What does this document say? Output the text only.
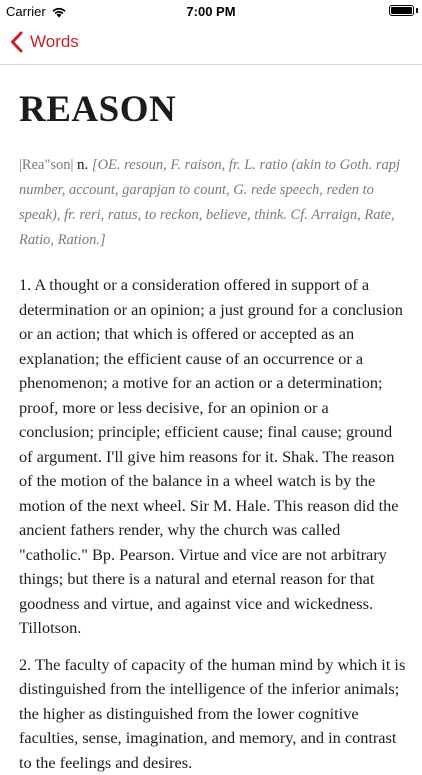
Carrier	7:00 PM
Words
REASON
|Rea"son| n. [OE. resoun, F. raison, fr. L. ratio (akin to Goth. rapj number, account, garapjan to count, G. rede speech, reden to speak), fr. reri, ratus, to reckon, believe, think. Cf. Arraign, Rate, Ratio, Ration.]
1. A thought or a consideration offered in support of a determination or an opinion; a just ground for a conclusion or an action; that which is offered or accepted as an explanation; the efficient cause of an occurrence or a phenomenon; a motive for an action or a determination; proof, more or less decisive, for an opinion or a conclusion; principle; efficient cause; final cause; ground of argument. I'll give him reasons for it. Shak. The reason of the motion of the balance in a wheel watch is by the motion of the next wheel. Sir M. Hale. This reason did the ancient fathers render, why the church was called "catholic." Bp. Pearson. Virtue and vice are not arbitrary things; but there is a natural and eternal reason for that goodness and virtue, and against vice and wickedness. Tillotson.
2. The faculty of capacity of the human mind by which it is distinguished from the intelligence of the inferior animals; the higher as distinguished from the lower cognitive faculties, sense, imagination, and memory, and in contrast to the feelings and desires.
